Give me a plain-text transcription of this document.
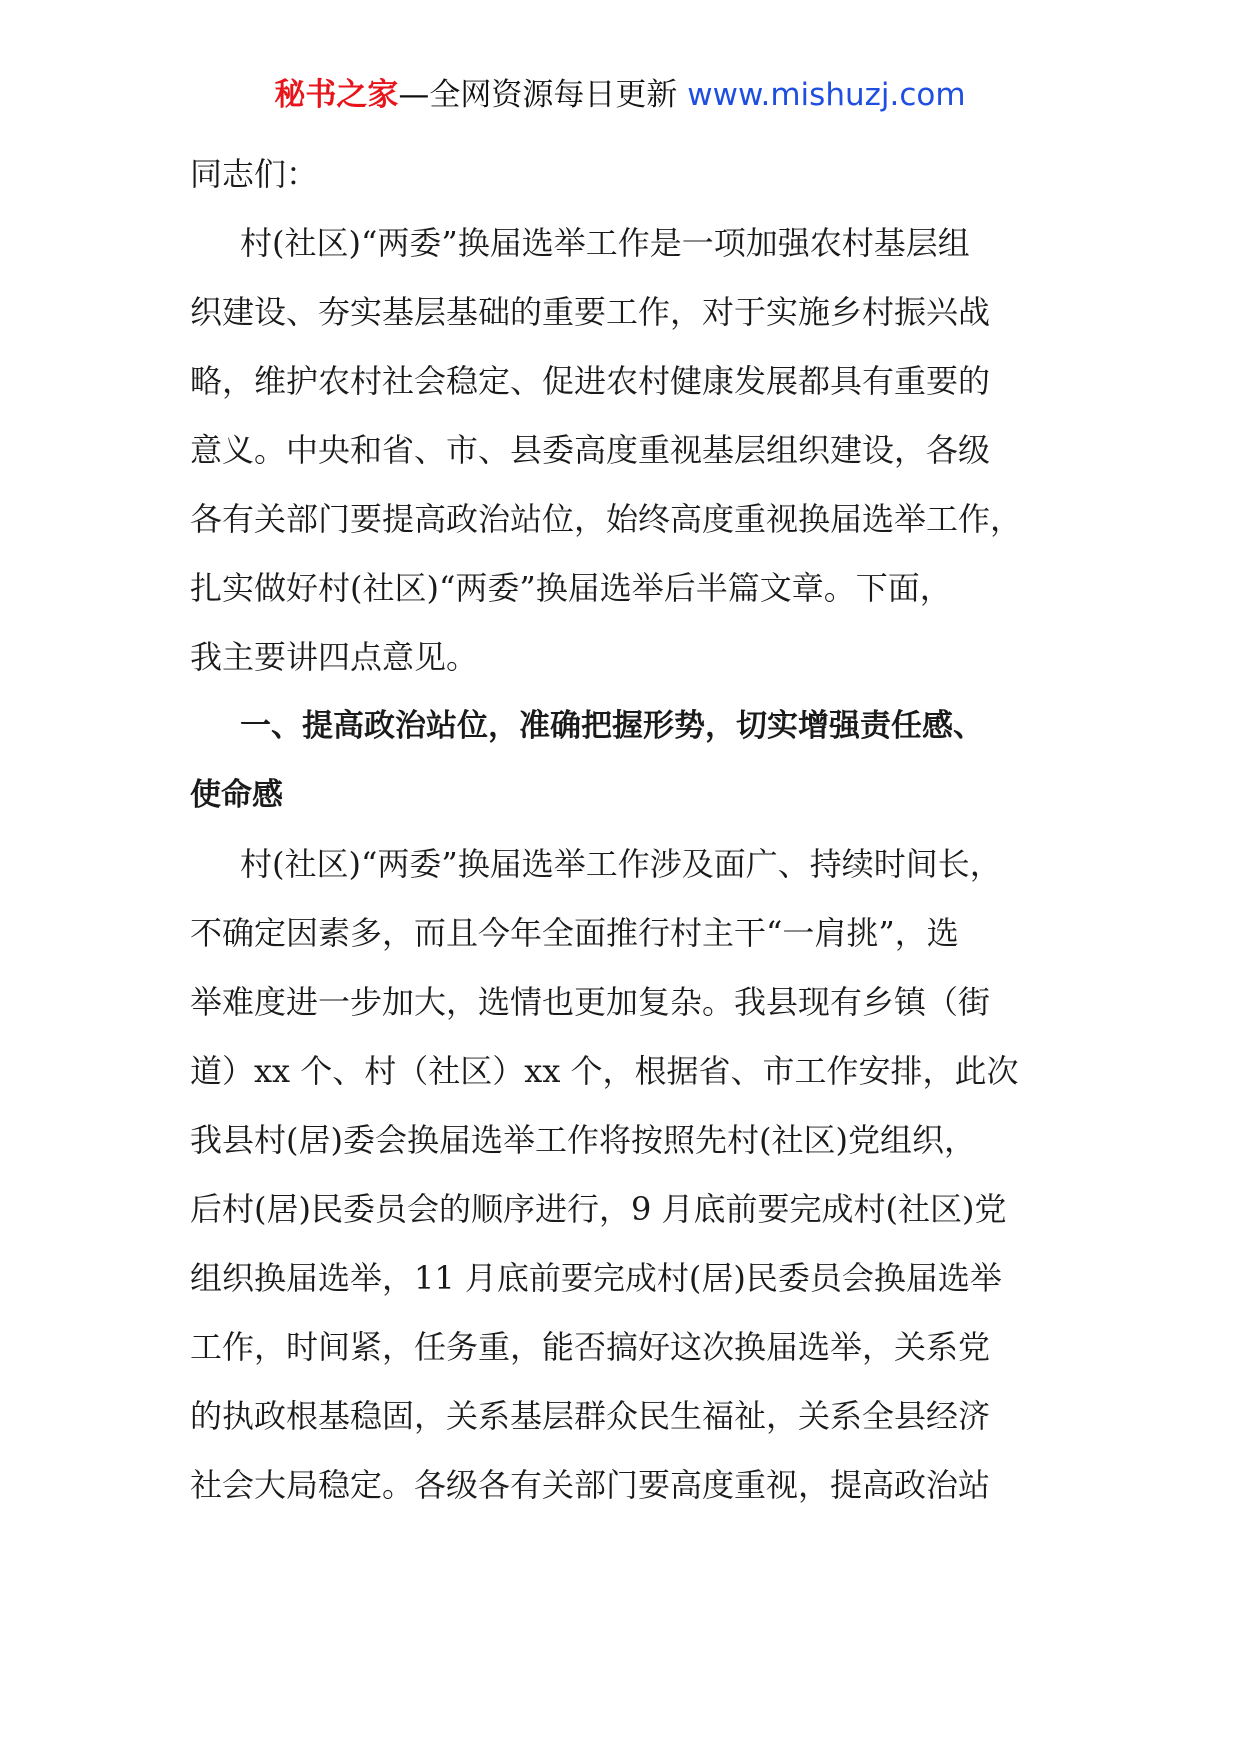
秘书之家—全网资源每日更新 www.mishuzj.com
同志们：
村(社区)“两委”换届选举工作是一项加强农村基层组
织建设、夯实基层基础的重要工作，对于实施乡村振兴战
略，维护农村社会稳定、促进农村健康发展都具有重要的
意义。中央和省、市、县委高度重视基层组织建设，各级
各有关部门要提高政治站位，始终高度重视换届选举工作，
扎实做好村(社区)“两委”换届选举后半篇文章。下面，
我主要讲四点意见。
一、提高政治站位，准确把握形势，切实增强责任感、
使命感
村(社区)“两委”换届选举工作涉及面广、持续时间长，
不确定因素多，而且今年全面推行村主干“一肩挑”，选
举难度进一步加大，选情也更加复杂。我县现有乡镇（街
道）xx 个、村（社区）xx 个，根据省、市工作安排，此次
我县村(居)委会换届选举工作将按照先村(社区)党组织，
后村(居)民委员会的顺序进行，9 月底前要完成村(社区)党
组织换届选举，11 月底前要完成村(居)民委员会换届选举
工作，时间紧，任务重，能否搞好这次换届选举，关系党
的执政根基稳固，关系基层群众民生福祉，关系全县经济
社会大局稳定。各级各有关部门要高度重视，提高政治站
